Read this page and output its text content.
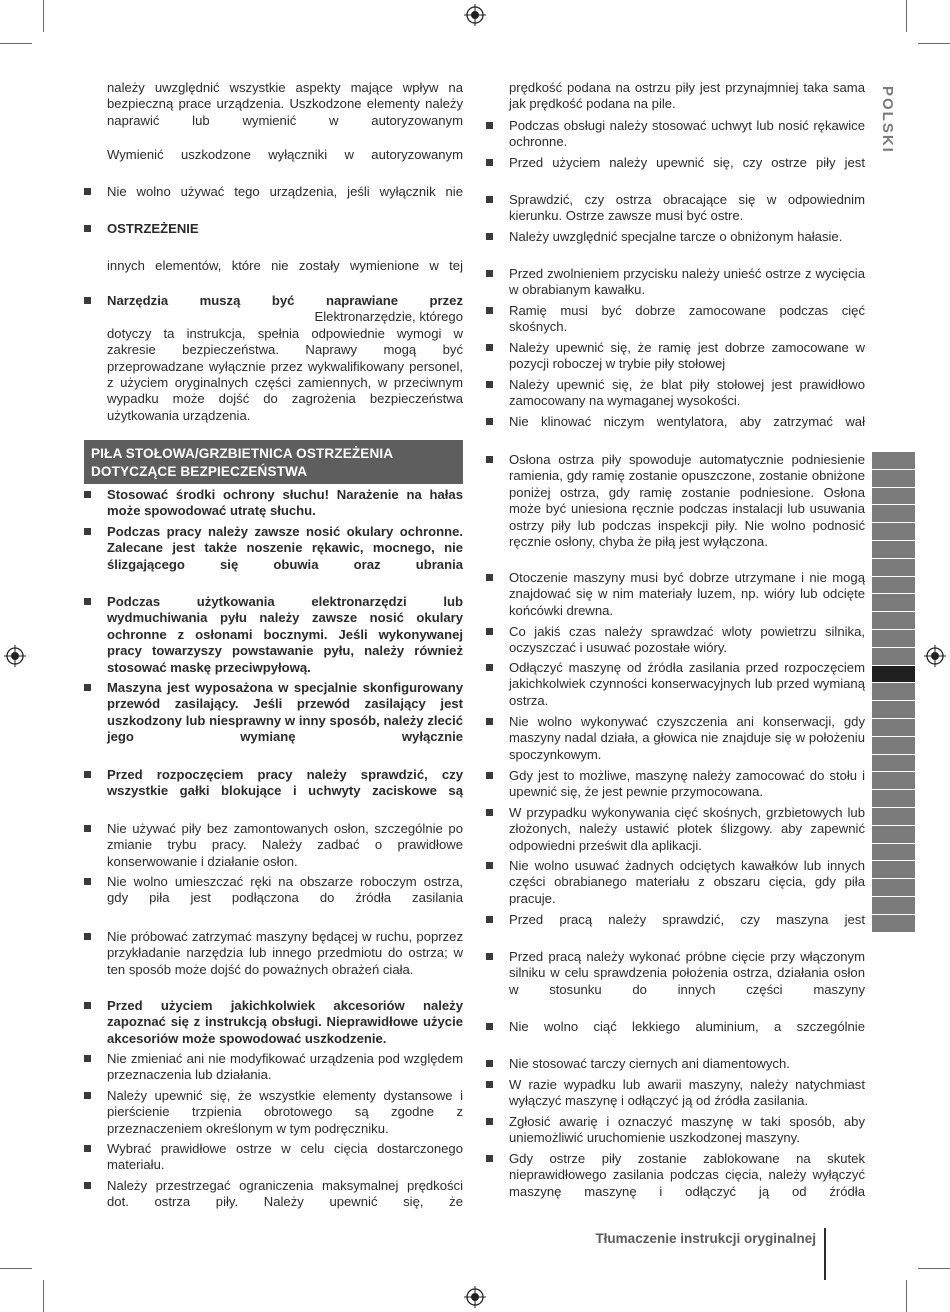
POLSKI
PIŁA STOŁOWA/GRZBIETNICA OSTRZEŻENIA DOTYCZĄCE BEZPIECZEŃSTWA
należy uwzględnić wszystkie aspekty mające wpływ na bezpieczną prace urządzenia. Uszkodzone elementy należy naprawić lub wymienić w autoryzowanym
Wymienić uszkodzone wyłączniki w autoryzowanym
Nie wolno używać tego urządzenia, jeśli wyłącznik nie
OSTRZEŻENIE
innych elementów, które nie zostały wymienione w tej
Narzędzia muszą być naprawiane przez
Elektronarzędzie, którego
dotyczy ta instrukcja, spełnia odpowiednie wymogi w zakresie bezpieczeństwa. Naprawy mogą być przeprowadzane wyłącznie przez wykwalifikowany personel, z użyciem oryginalnych części zamiennych, w przeciwnym wypadku może dojść do zagrożenia bezpieczeństwa użytkowania urządzenia.
Stosować środki ochrony słuchu! Narażenie na hałas może spowodować utratę słuchu.
Podczas pracy należy zawsze nosić okulary ochronne. Zalecane jest także noszenie rękawic, mocnego, nie ślizgającego się obuwia oraz ubrania
Podczas użytkowania elektronarzędzi lub wydmuchiwania pyłu należy zawsze nosić okulary ochronne z osłonami bocznymi. Jeśli wykonywanej pracy towarzyszy powstawanie pyłu, należy również stosować maskę przeciwpyłową.
Maszyna jest wyposażona w specjalnie skonfigurowany przewód zasilający. Jeśli przewód zasilający jest uszkodzony lub niesprawny w inny sposób, należy zlecić jego wymianę wyłącznie
Przed rozpoczęciem pracy należy sprawdzić, czy wszystkie gałki blokujące i uchwyty zaciskowe są
Nie używać piły bez zamontowanych osłon, szczególnie po zmianie trybu pracy. Należy zadbać o prawidłowe konserwowanie i działanie osłon.
Nie wolno umieszczać ręki na obszarze roboczym ostrza, gdy piła jest podłączona do źródła zasilania
Nie próbować zatrzymać maszyny będącej w ruchu, poprzez przykładanie narzędzia lub innego przedmiotu do ostrza; w ten sposób może dojść do poważnych obrażeń ciała.
Przed użyciem jakichkolwiek akcesoriów należy zapoznać się z instrukcją obsługi. Nieprawidłowe użycie akcesoriów może spowodować uszkodzenie.
Nie zmieniać ani nie modyfikować urządzenia pod względem przeznaczenia lub działania.
Należy upewnić się, że wszystkie elementy dystansowe i pierścienie trzpienia obrotowego są zgodne z przeznaczeniem określonym w tym podręczniku.
Wybrać prawidłowe ostrze w celu cięcia dostarczonego materiału.
Należy przestrzegać ograniczenia maksymalnej prędkości dot. ostrza piły. Należy upewnić się, że
prędkość podana na ostrzu piły jest przynajmniej taka sama jak prędkość podana na pile.
Podczas obsługi należy stosować uchwyt lub nosić rękawice ochronne.
Przed użyciem należy upewnić się, czy ostrze piły jest
Sprawdzić, czy ostrza obracające się w odpowiednim kierunku. Ostrze zawsze musi być ostre.
Należy uwzględnić specjalne tarcze o obniżonym hałasie.
Przed zwolnieniem przycisku należy unieść ostrze z wycięcia w obrabianym kawałku.
Ramię musi być dobrze zamocowane podczas cięć skośnych.
Należy upewnić się, że ramię jest dobrze zamocowane w pozycji roboczej w trybie piły stołowej
Należy upewnić się, że blat piły stołowej jest prawidłowo zamocowany na wymaganej wysokości.
Nie klinować niczym wentylatora, aby zatrzymać wał
Osłona ostrza piły spowoduje automatycznie podniesienie ramienia, gdy ramię zostanie opuszczone, zostanie obniżone poniżej ostrza, gdy ramię zostanie podniesione. Osłona może być uniesiona ręcznie podczas instalacji lub usuwania ostrzy piły lub podczas inspekcji piły. Nie wolno podnosić ręcznie osłony, chyba że piłą jest wyłączona.
Otoczenie maszyny musi być dobrze utrzymane i nie mogą znajdować się w nim materiały luzem, np. wióry lub odcięte końcówki drewna.
Co jakiś czas należy sprawdzać wloty powietrzu silnika, oczyszczać i usuwać pozostałe wióry.
Odłączyć maszynę od źródła zasilania przed rozpoczęciem jakichkolwiek czynności konserwacyjnych lub przed wymianą ostrza.
Nie wolno wykonywać czyszczenia ani konserwacji, gdy maszyny nadal działa, a głowica nie znajduje się w położeniu spoczynkowym.
Gdy jest to możliwe, maszynę należy zamocować do stołu i upewnić się, że jest pewnie przymocowana.
W przypadku wykonywania cięć skośnych, grzbietowych lub złożonych, należy ustawić płotek ślizgowy. aby zapewnić odpowiedni prześwit dla aplikacji.
Nie wolno usuwać żadnych odciętych kawałków lub innych części obrabianego materiału z obszaru cięcia, gdy piła pracuje.
Przed pracą należy sprawdzić, czy maszyna jest
Przed pracą należy wykonać próbne cięcie przy włączonym silniku w celu sprawdzenia położenia ostrza, działania osłon w stosunku do innych części maszyny
Nie wolno ciąć lekkiego aluminium, a szczególnie
Nie stosować tarczy ciernych ani diamentowych.
W razie wypadku lub awarii maszyny, należy natychmiast wyłączyć maszynę i odłączyć ją od źródła zasilania.
Zgłosić awarię i oznaczyć maszynę w taki sposób, aby uniemożliwić uruchomienie uszkodzonej maszyny.
Gdy ostrze piły zostanie zablokowane na skutek nieprawidłowego zasilania podczas cięcia, należy wyłączyć maszynę maszynę i odłączyć ją od źródła
Tłumaczenie instrukcji oryginalnej
